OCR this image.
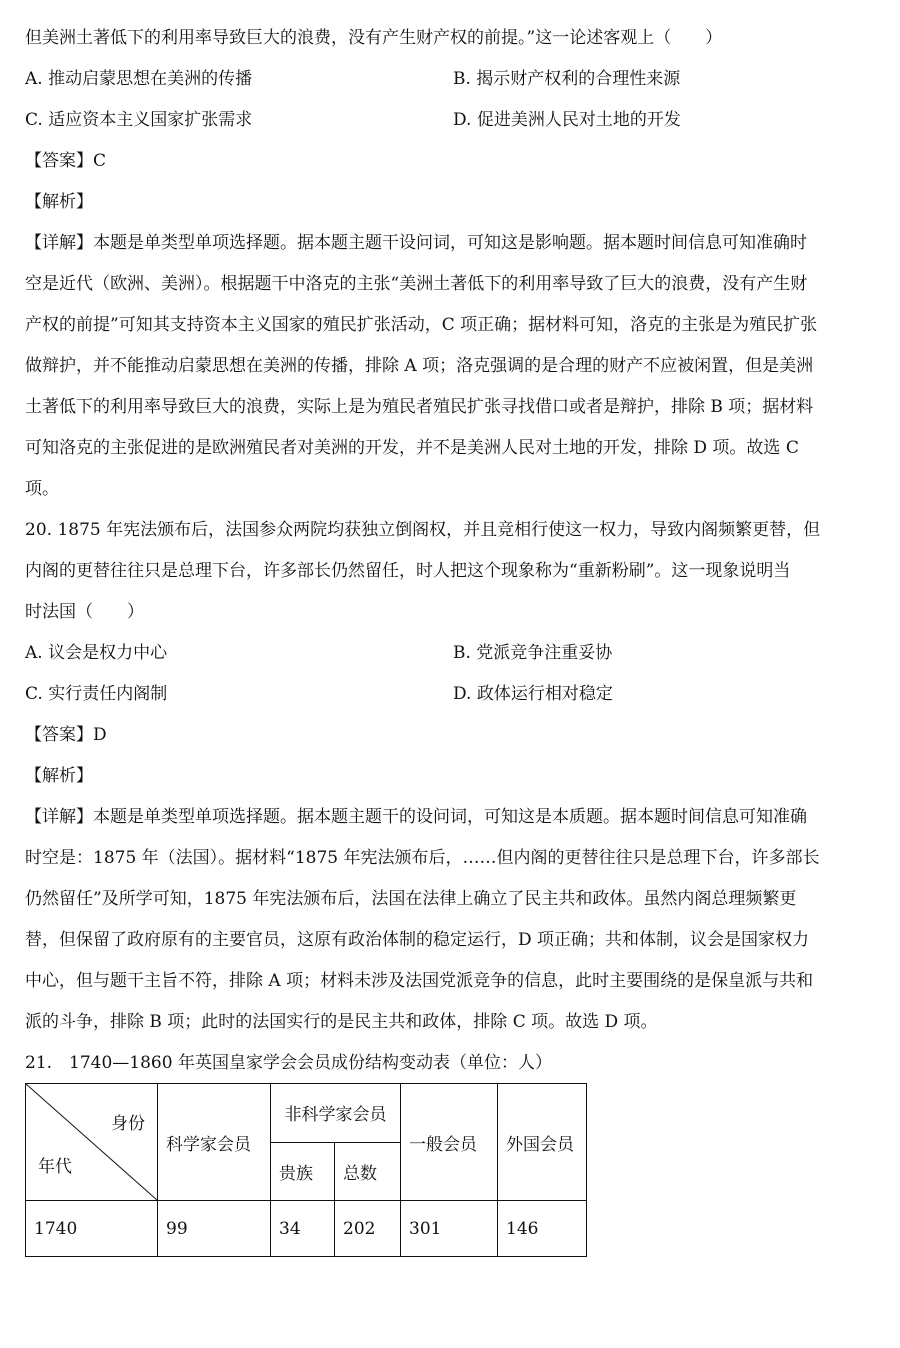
但美洲土著低下的利用率导致巨大的浪费，没有产生财产权的前提。”这一论述客观上（　　）
A. 推动启蒙思想在美洲的传播	B. 揭示财产权利的合理性来源
C. 适应资本主义国家扩张需求	D. 促进美洲人民对土地的开发
【答案】C
【解析】
【详解】本题是单类型单项选择题。据本题主题干设问词，可知这是影响题。据本题时间信息可知准确时
空是近代（欧洲、美洲）。根据题干中洛克的主张“美洲土著低下的利用率导致了巨大的浪费，没有产生财
产权的前提”可知其支持资本主义国家的殖民扩张活动，C 项正确；据材料可知，洛克的主张是为殖民扩张
做辩护，并不能推动启蒙思想在美洲的传播，排除 A 项；洛克强调的是合理的财产不应被闲置，但是美洲
土著低下的利用率导致巨大的浪费，实际上是为殖民者殖民扩张寻找借口或者是辩护，排除 B 项；据材料
可知洛克的主张促进的是欧洲殖民者对美洲的开发，并不是美洲人民对土地的开发，排除 D 项。故选 C
项。
20. 1875 年宪法颁布后，法国参众两院均获独立倒阁权，并且竞相行使这一权力，导致内阁频繁更替，但
内阁的更替往往只是总理下台，许多部长仍然留任，时人把这个现象称为“重新粉刷”。这一现象说明当
时法国（　　）
A. 议会是权力中心	B. 党派竞争注重妥协
C. 实行责任内阁制	D. 政体运行相对稳定
【答案】D
【解析】
【详解】本题是单类型单项选择题。据本题主题干的设问词，可知这是本质题。据本题时间信息可知准确
时空是：1875 年（法国）。据材料“1875 年宪法颁布后，……但内阁的更替往往只是总理下台，许多部长
仍然留任”及所学可知，1875 年宪法颁布后，法国在法律上确立了民主共和政体。虽然内阁总理频繁更
替，但保留了政府原有的主要官员，这原有政治体制的稳定运行，D 项正确；共和体制，议会是国家权力
中心，但与题干主旨不符，排除 A 项；材料未涉及法国党派竞争的信息，此时主要围绕的是保皇派与共和
派的斗争，排除 B 项；此时的法国实行的是民主共和政体，排除 C 项。故选 D 项。
21.　1740—1860 年英国皇家学会会员成份结构变动表（单位：人）
身份
年代	科学家会员	非科学家会员		一般会员	外国会员
		贵族	总数		
1740	99	34	202	301	146
